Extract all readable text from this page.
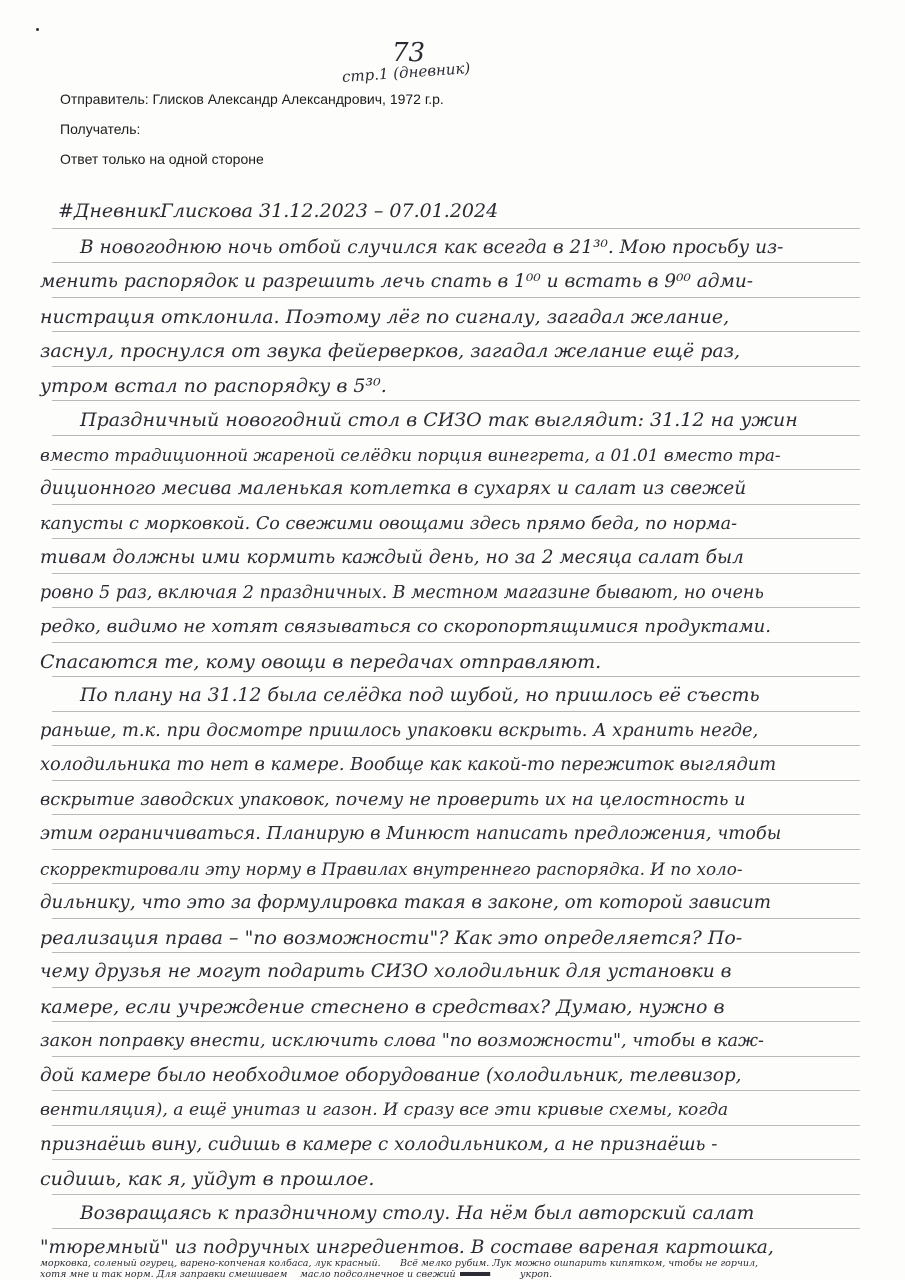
73
стр.1 (дневник)
Отправитель: Глисков Александр Александрович, 1972 г.р.
Получатель:
Ответ только на одной стороне
#ДневникГлискова 31.12.2023 – 07.01.2024
В новогоднюю ночь отбой случился как всегда в 21³⁰. Мою просьбу из-
менить распорядок и разрешить лечь спать в 1⁰⁰ и встать в 9⁰⁰ адми-
нистрация отклонила. Поэтому лёг по сигналу, загадал желание,
заснул, проснулся от звука фейерверков, загадал желание ещё раз,
утром встал по распорядку в 5³⁰.
Праздничный новогодний стол в СИЗО так выглядит: 31.12 на ужин
вместо традиционной жареной селёдки порция винегрета, а 01.01 вместо тра-
диционного месива маленькая котлетка в сухарях и салат из свежей
капусты с морковкой. Со свежими овощами здесь прямо беда, по норма-
тивам должны ими кормить каждый день, но за 2 месяца салат был
ровно 5 раз, включая 2 праздничных. В местном магазине бывают, но очень
редко, видимо не хотят связываться со скоропортящимися продуктами.
Спасаются те, кому овощи в передачах отправляют.
По плану на 31.12 была селёдка под шубой, но пришлось её съесть
раньше, т.к. при досмотре пришлось упаковки вскрыть. А хранить негде,
холодильника то нет в камере. Вообще как какой-то пережиток выглядит
вскрытие заводских упаковок, почему не проверить их на целостность и
этим ограничиваться. Планирую в Минюст написать предложения, чтобы
скорректировали эту норму в Правилах внутреннего распорядка. И по холо-
дильнику, что это за формулировка такая в законе, от которой зависит
реализация права – "по возможности"? Как это определяется? По-
чему друзья не могут подарить СИЗО холодильник для установки в
камере, если учреждение стеснено в средствах? Думаю, нужно в
закон поправку внести, исключить слова "по возможности", чтобы в каж-
дой камере было необходимое оборудование (холодильник, телевизор,
вентиляция), а ещё унитаз и газон. И сразу все эти кривые схемы, когда
признаёшь вину, сидишь в камере с холодильником, а не признаёшь -
сидишь, как я, уйдут в прошлое.
Возвращаясь к праздничному столу. На нём был авторский салат
"тюремный" из подручных ингредиентов. В составе вареная картошка,
морковка, соленый огурец, варено-копченая колбаса, лук красный. Всё мелко рубим. Лук можно ошпарить кипятком, чтобы не горчил,
хотя мне и так норм. Для заправки смешиваем масло подсолнечное и свежий
	укроп.
